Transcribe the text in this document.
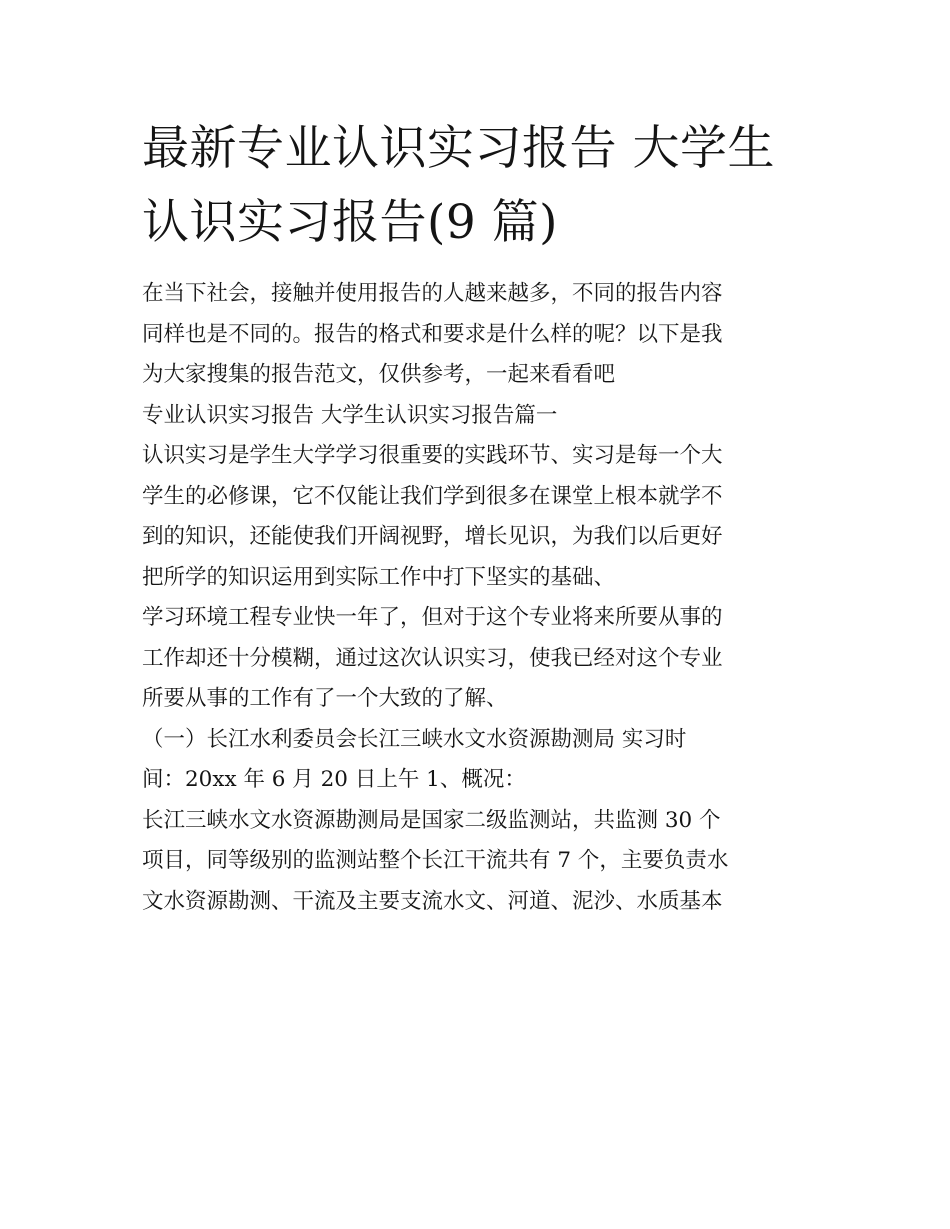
最新专业认识实习报告 大学生
认识实习报告(9 篇)

在当下社会，接触并使用报告的人越来越多，不同的报告内容
同样也是不同的。报告的格式和要求是什么样的呢？以下是我
为大家搜集的报告范文，仅供参考，一起来看看吧

专业认识实习报告 大学生认识实习报告篇一

认识实习是学生大学学习很重要的实践环节、实习是每一个大
学生的必修课，它不仅能让我们学到很多在课堂上根本就学不
到的知识，还能使我们开阔视野，增长见识，为我们以后更好
把所学的知识运用到实际工作中打下坚实的基础、

学习环境工程专业快一年了，但对于这个专业将来所要从事的
工作却还十分模糊，通过这次认识实习，使我已经对这个专业
所要从事的工作有了一个大致的了解、

（一）长江水利委员会长江三峡水文水资源勘测局 实习时
间：20xx 年 6 月 20 日上午 1、概况：

长江三峡水文水资源勘测局是国家二级监测站，共监测 30 个
项目，同等级别的监测站整个长江干流共有 7 个，主要负责水
文水资源勘测、干流及主要支流水文、河道、泥沙、水质基本
